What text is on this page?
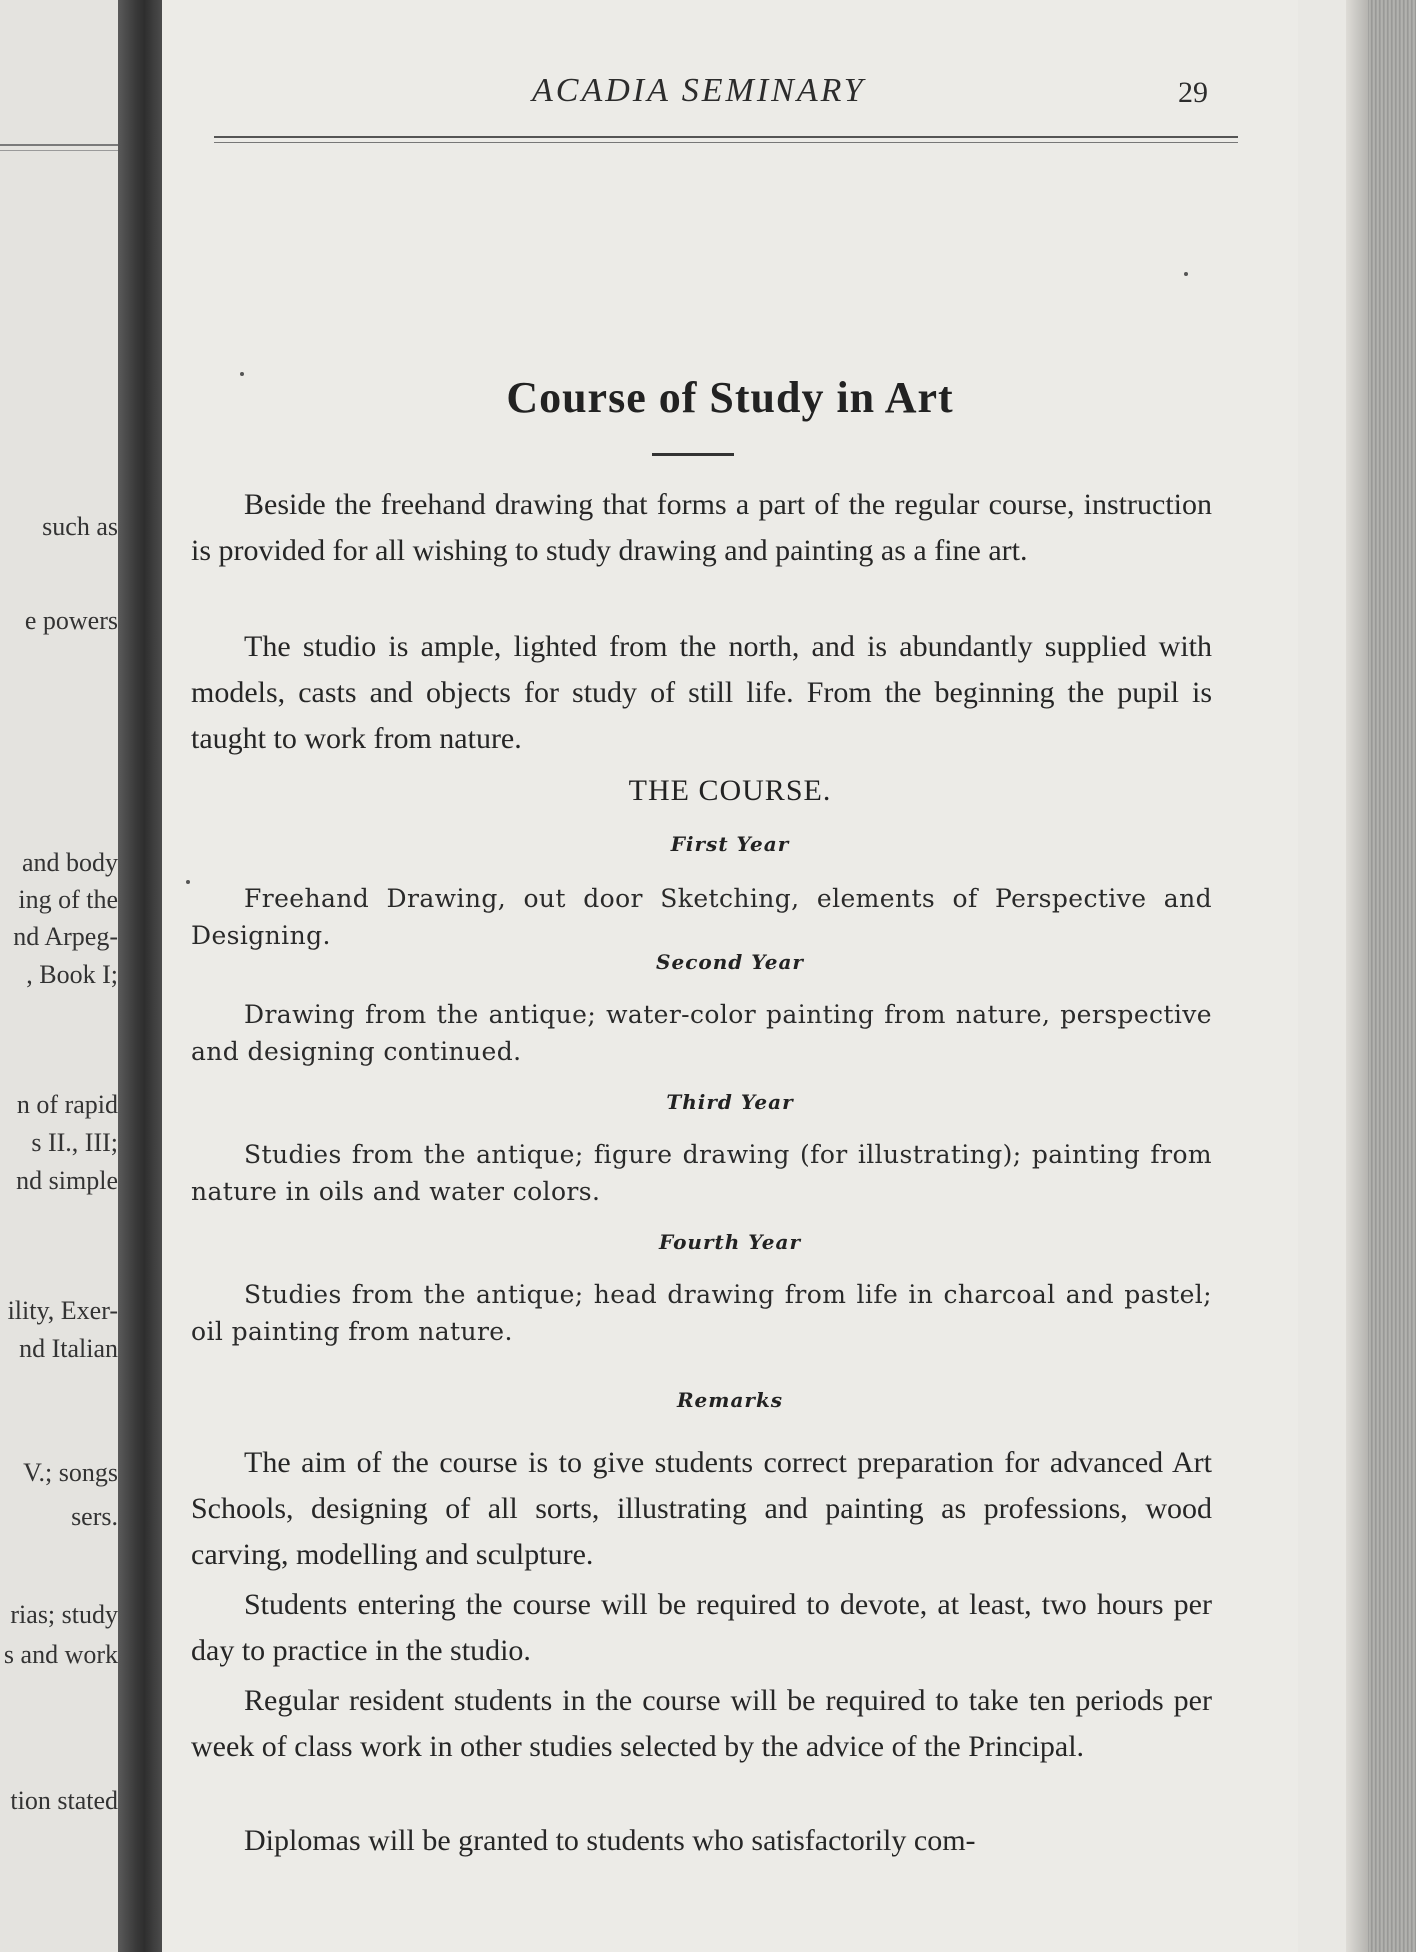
such as
e powers
and body
ing of the
nd Arpeg-
, Book I;
n of rapid
s II., III;
nd simple
ility, Exer-
nd Italian
V.; songs
sers.
rias; study
s and work
tion stated
ACADIA SEMINARY	29
Course of Study in Art

Beside the freehand drawing that forms a part of the regular course, instruction is provided for all wishing to study drawing and painting as a fine art.

The studio is ample, lighted from the north, and is abundantly supplied with models, casts and objects for study of still life. From the beginning the pupil is taught to work from nature.

THE COURSE.
First Year

Freehand Drawing, out door Sketching, elements of Perspective and Designing.

Second Year

Drawing from the antique; water-color painting from nature, perspective and designing continued.

Third Year

Studies from the antique; figure drawing (for illustrating); painting from nature in oils and water colors.

Fourth Year

Studies from the antique; head drawing from life in charcoal and pastel; oil painting from nature.

Remarks

The aim of the course is to give students correct preparation for advanced Art Schools, designing of all sorts, illustrating and painting as professions, wood carving, modelling and sculpture.

Students entering the course will be required to devote, at least, two hours per day to practice in the studio.

Regular resident students in the course will be required to take ten periods per week of class work in other studies selected by the advice of the Principal.

Diplomas will be granted to students who satisfactorily com-
